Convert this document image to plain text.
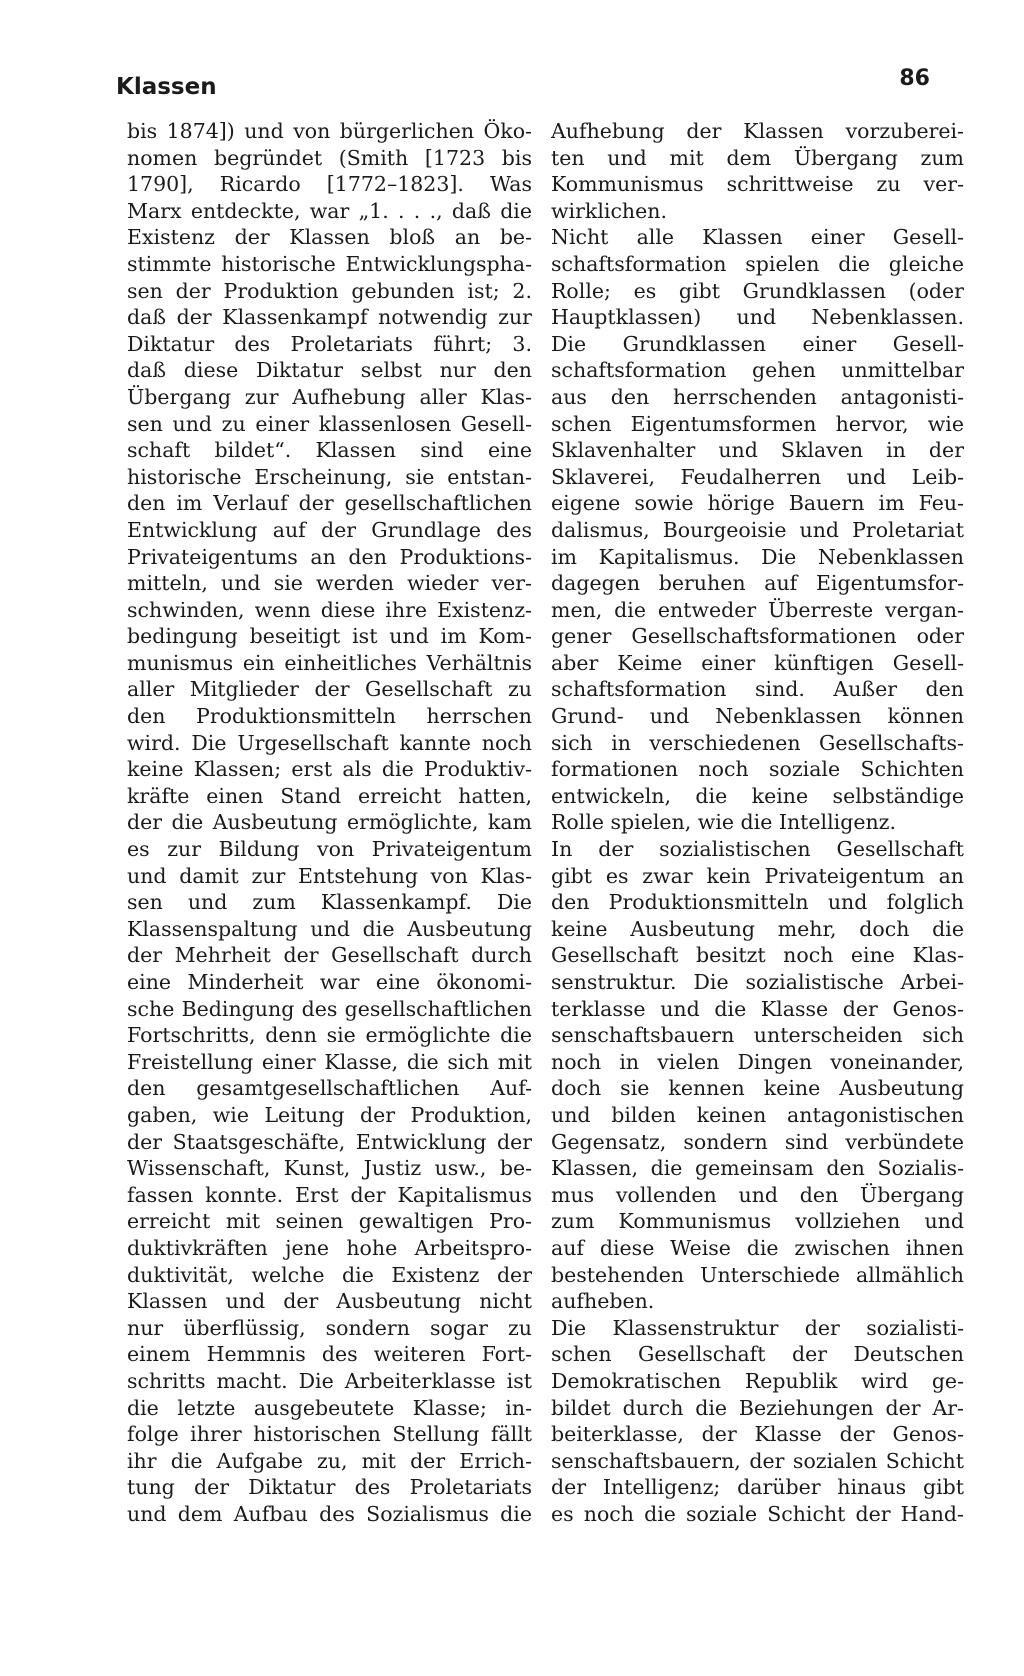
Klassen	86
bis 1874]) und von bürgerlichen Öko-
nomen begründet (Smith [1723 bis
1790], Ricardo [1772–1823]. Was
Marx entdeckte, war „1. . . ., daß die
Existenz der Klassen bloß an be-
stimmte historische Entwicklungspha-
sen der Produktion gebunden ist; 2.
daß der Klassenkampf notwendig zur
Diktatur des Proletariats führt; 3.
daß diese Diktatur selbst nur den
Übergang zur Aufhebung aller Klas-
sen und zu einer klassenlosen Gesell-
schaft bildet“. Klassen sind eine
historische Erscheinung, sie entstan-
den im Verlauf der gesellschaftlichen
Entwicklung auf der Grundlage des
Privateigentums an den Produktions-
mitteln, und sie werden wieder ver-
schwinden, wenn diese ihre Existenz-
bedingung beseitigt ist und im Kom-
munismus ein einheitliches Verhältnis
aller Mitglieder der Gesellschaft zu
den Produktionsmitteln herrschen
wird. Die Urgesellschaft kannte noch
keine Klassen; erst als die Produktiv-
kräfte einen Stand erreicht hatten,
der die Ausbeutung ermöglichte, kam
es zur Bildung von Privateigentum
und damit zur Entstehung von Klas-
sen und zum Klassenkampf. Die
Klassenspaltung und die Ausbeutung
der Mehrheit der Gesellschaft durch
eine Minderheit war eine ökonomi-
sche Bedingung des gesellschaftlichen
Fortschritts, denn sie ermöglichte die
Freistellung einer Klasse, die sich mit
den gesamtgesellschaftlichen Auf-
gaben, wie Leitung der Produktion,
der Staatsgeschäfte, Entwicklung der
Wissenschaft, Kunst, Justiz usw., be-
fassen konnte. Erst der Kapitalismus
erreicht mit seinen gewaltigen Pro-
duktivkräften jene hohe Arbeitspro-
duktivität, welche die Existenz der
Klassen und der Ausbeutung nicht
nur überflüssig, sondern sogar zu
einem Hemmnis des weiteren Fort-
schritts macht. Die Arbeiterklasse ist
die letzte ausgebeutete Klasse; in-
folge ihrer historischen Stellung fällt
ihr die Aufgabe zu, mit der Errich-
tung der Diktatur des Proletariats
und dem Aufbau des Sozialismus die
Aufhebung der Klassen vorzuberei-
ten und mit dem Übergang zum
Kommunismus schrittweise zu ver-
wirklichen.
Nicht alle Klassen einer Gesell-
schaftsformation spielen die gleiche
Rolle; es gibt Grundklassen (oder
Hauptklassen) und Nebenklassen.
Die Grundklassen einer Gesell-
schaftsformation gehen unmittelbar
aus den herrschenden antagonisti-
schen Eigentumsformen hervor, wie
Sklavenhalter und Sklaven in der
Sklaverei, Feudalherren und Leib-
eigene sowie hörige Bauern im Feu-
dalismus, Bourgeoisie und Proletariat
im Kapitalismus. Die Nebenklassen
dagegen beruhen auf Eigentumsfor-
men, die entweder Überreste vergan-
gener Gesellschaftsformationen oder
aber Keime einer künftigen Gesell-
schaftsformation sind. Außer den
Grund- und Nebenklassen können
sich in verschiedenen Gesellschafts-
formationen noch soziale Schichten
entwickeln, die keine selbständige
Rolle spielen, wie die Intelligenz.
In der sozialistischen Gesellschaft
gibt es zwar kein Privateigentum an
den Produktionsmitteln und folglich
keine Ausbeutung mehr, doch die
Gesellschaft besitzt noch eine Klas-
senstruktur. Die sozialistische Arbei-
terklasse und die Klasse der Genos-
senschaftsbauern unterscheiden sich
noch in vielen Dingen voneinander,
doch sie kennen keine Ausbeutung
und bilden keinen antagonistischen
Gegensatz, sondern sind verbündete
Klassen, die gemeinsam den Sozialis-
mus vollenden und den Übergang
zum Kommunismus vollziehen und
auf diese Weise die zwischen ihnen
bestehenden Unterschiede allmählich
aufheben.
Die Klassenstruktur der sozialisti-
schen Gesellschaft der Deutschen
Demokratischen Republik wird ge-
bildet durch die Beziehungen der Ar-
beiterklasse, der Klasse der Genos-
senschaftsbauern, der sozialen Schicht
der Intelligenz; darüber hinaus gibt
es noch die soziale Schicht der Hand-
